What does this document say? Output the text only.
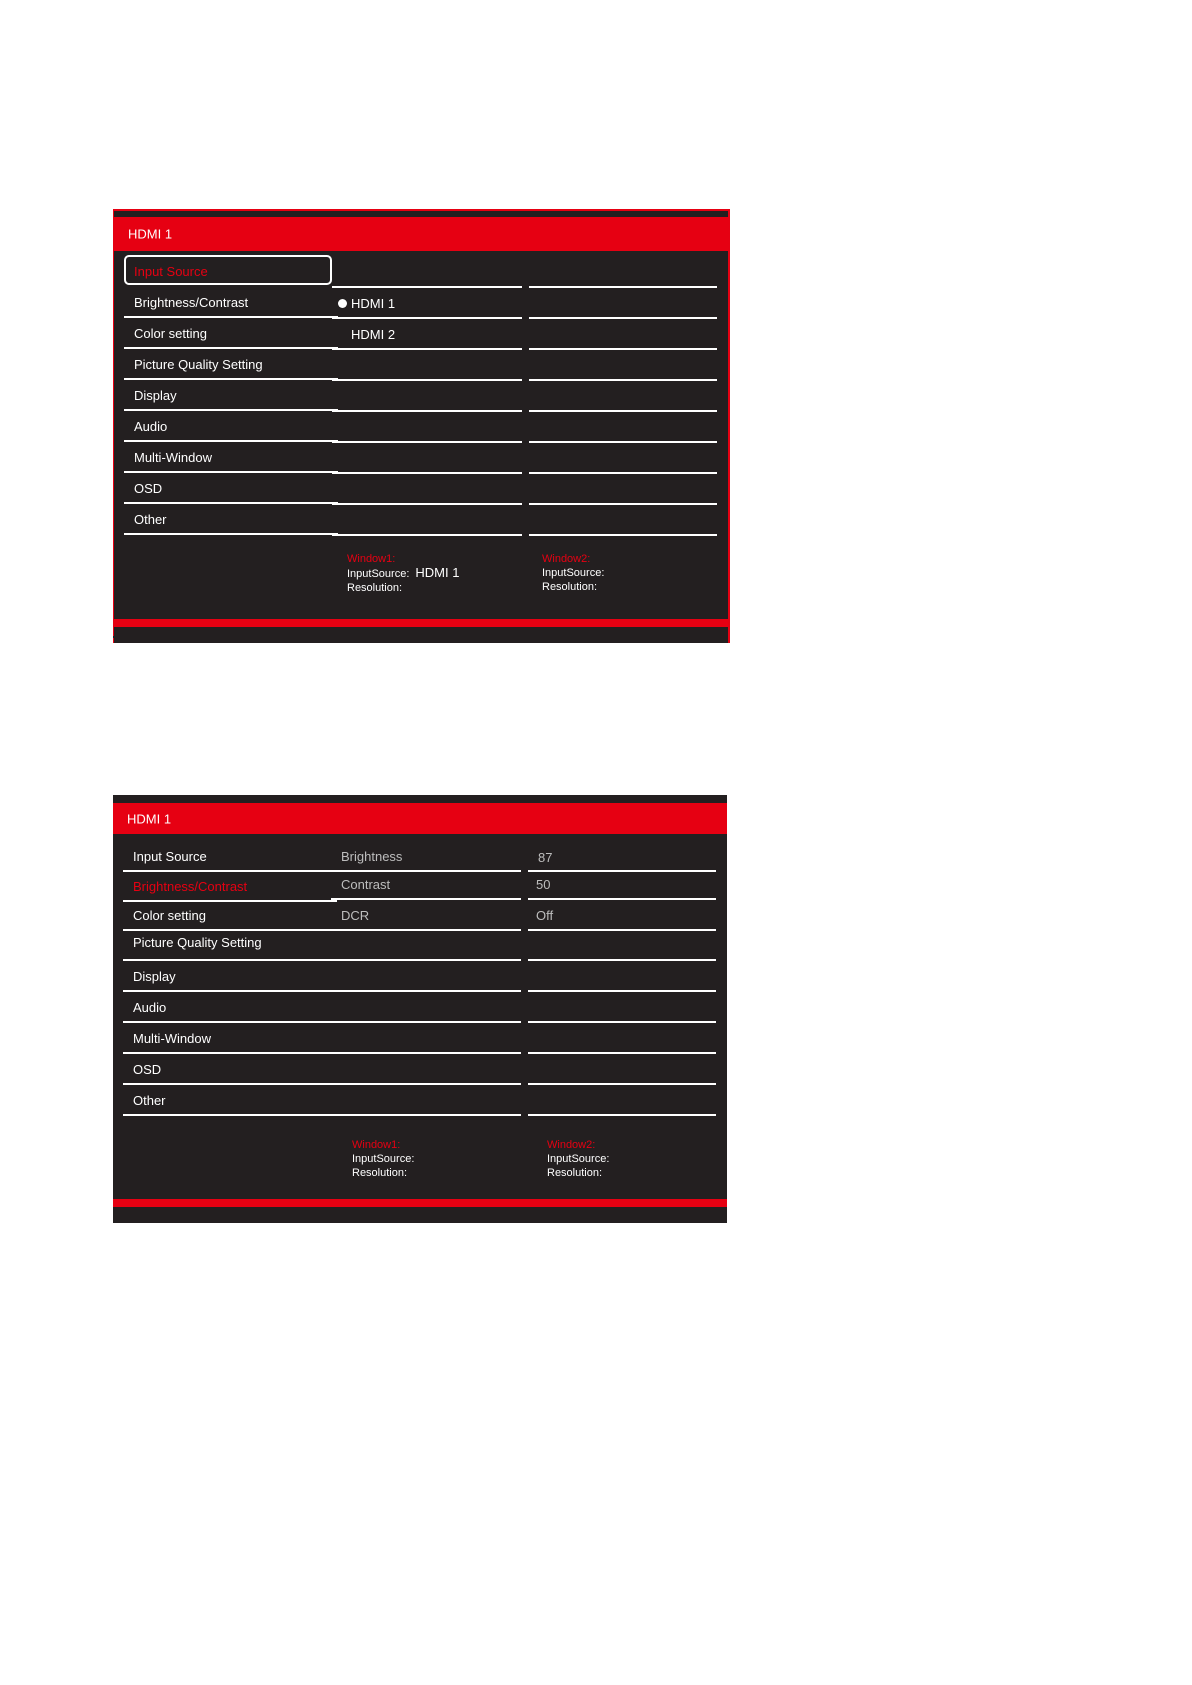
HDMI 1
Input Source
Brightness/Contrast
Color setting
Picture Quality Setting
Display
Audio
Multi-Window
OSD
Other
HDMI 1
HDMI 2
Window1:
InputSource: HDMI 1
Resolution:
Window2:
InputSource:
Resolution:
HDMI 1
Input Source
Brightness/Contrast
Color setting
Picture Quality Setting
Display
Audio
Multi-Window
OSD
Other
Brightness
Contrast
DCR
87
50
Off
Window1:
InputSource:
Resolution:
Window2:
InputSource:
Resolution:
